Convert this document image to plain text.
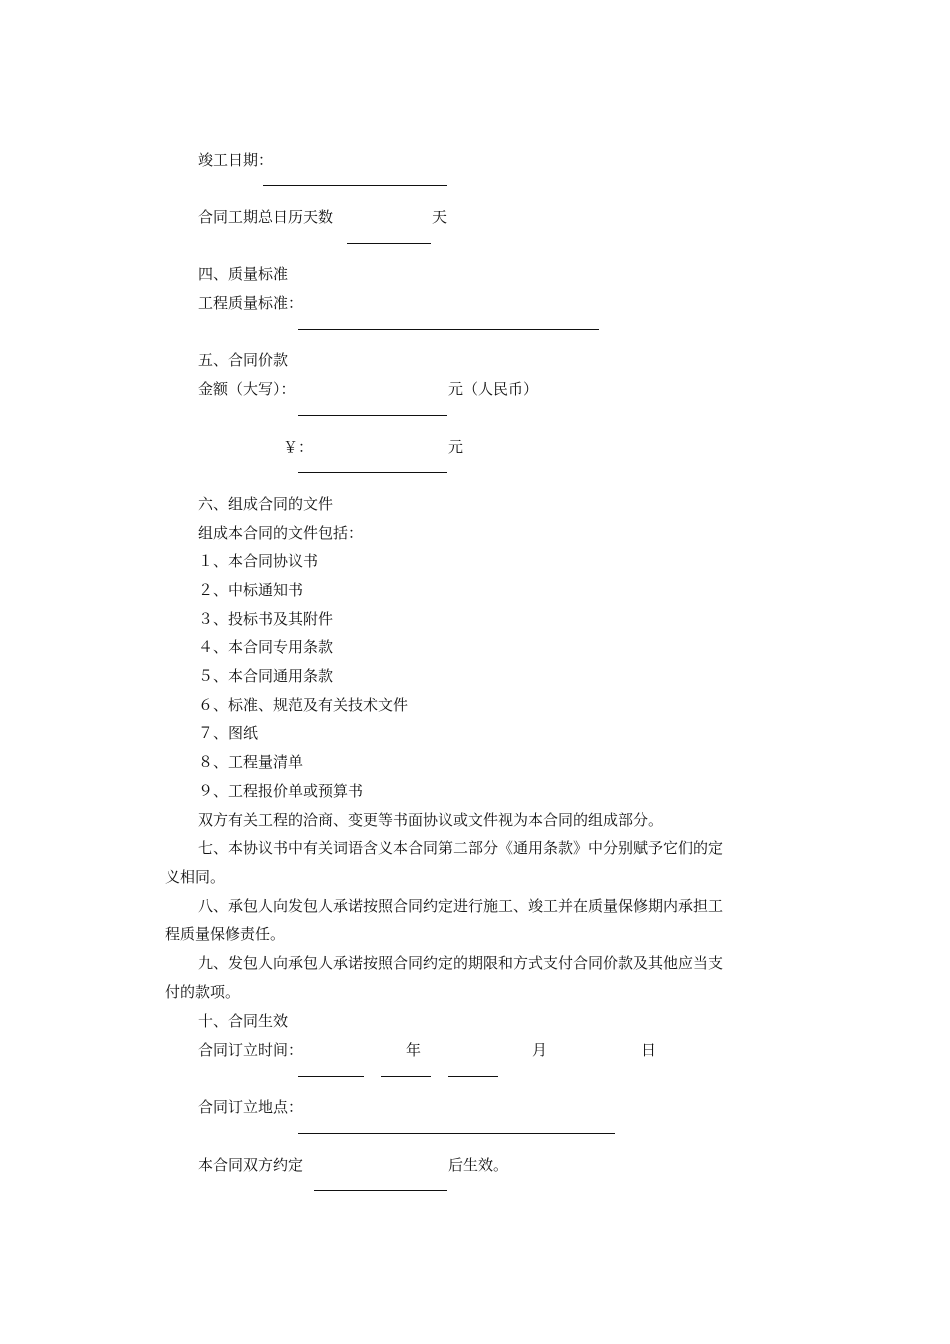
竣工日期：
合同工期总日历天数	天
四、质量标准
工程质量标准：
五、合同价款
金额（大写）：	元（人民币）
￥：	元
六、组成合同的文件
组成本合同的文件包括：
１、本合同协议书
２、中标通知书
３、投标书及其附件
４、本合同专用条款
５、本合同通用条款
６、标准、规范及有关技术文件
７、图纸
８、工程量清单
９、工程报价单或预算书
双方有关工程的洽商、变更等书面协议或文件视为本合同的组成部分。
七、本协议书中有关词语含义本合同第二部分《通用条款》中分别赋予它们的定
义相同。
八、承包人向发包人承诺按照合同约定进行施工、竣工并在质量保修期内承担工
程质量保修责任。
九、发包人向承包人承诺按照合同约定的期限和方式支付合同价款及其他应当支
付的款项。
十、合同生效
合同订立时间：	年	月	日
合同订立地点：
本合同双方约定	后生效。
